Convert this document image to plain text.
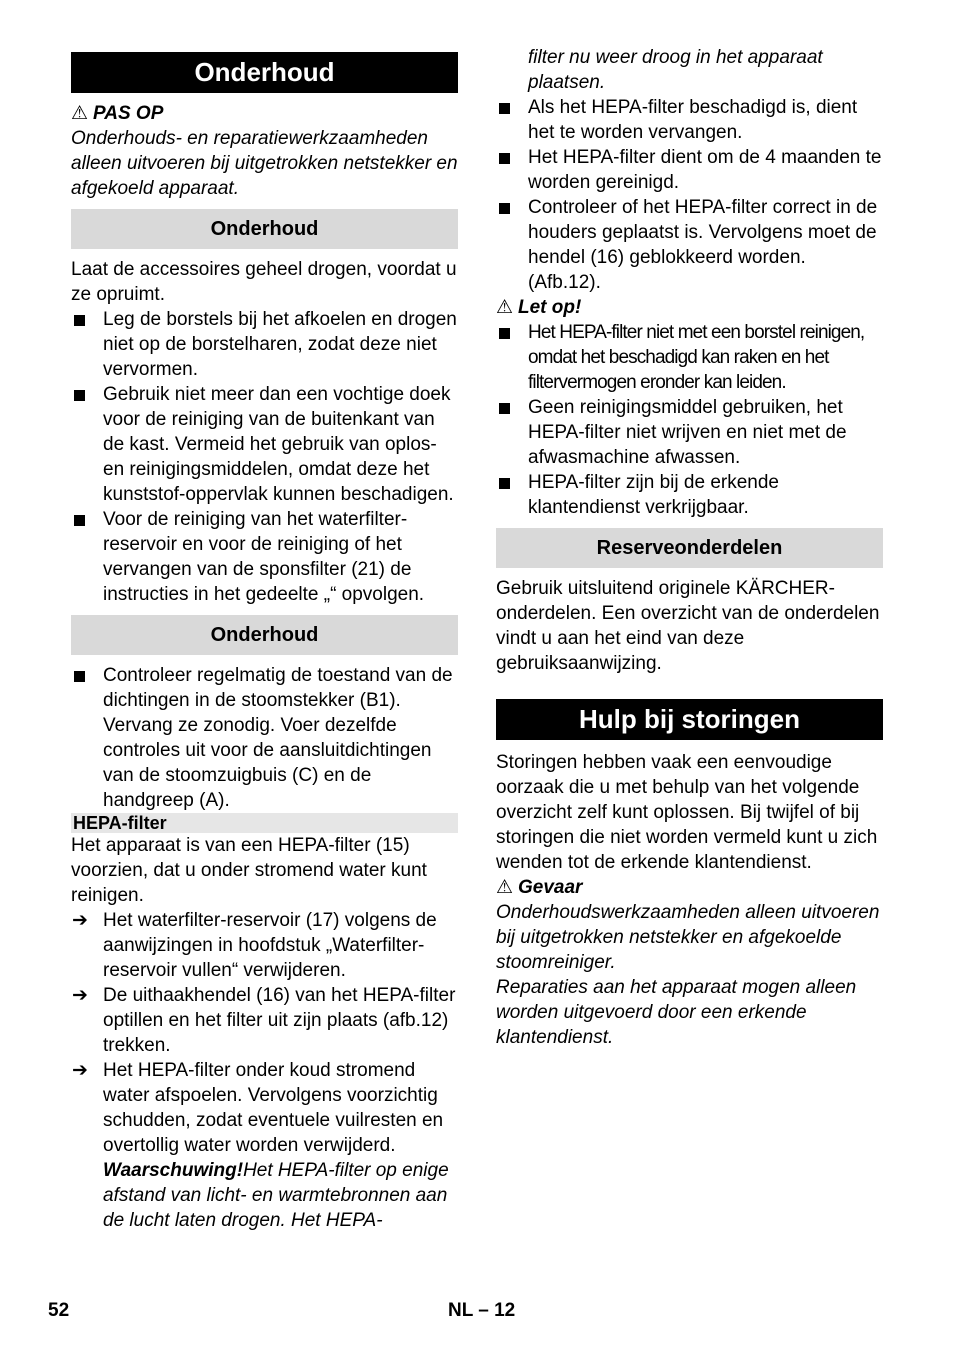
Onderhoud

⚠ PAS OP

Onderhouds- en reparatiewerkzaamheden alleen uitvoeren bij uitgetrokken netstekker en afgekoeld apparaat.

Onderhoud

Laat de accessoires geheel drogen, voordat u ze opruimt.

Leg de borstels bij het afkoelen en drogen niet op de borstelharen, zodat deze niet vervormen.
Gebruik niet meer dan een vochtige doek voor de reiniging van de buitenkant van de kast. Vermeid het gebruik van oplos- en reinigingsmiddelen, omdat deze het kunststof-oppervlak kunnen beschadigen.
Voor de reiniging van het waterfilter-reservoir en voor de reiniging of het vervangen van de sponsfilter (21) de instructies in het gedeelte „“ opvolgen.
Onderhoud
Controleer regelmatig de toestand van de dichtingen in de stoomstekker (B1). Vervang ze zonodig. Voer dezelfde controles uit voor de aansluitdichtingen van de stoomzuigbuis (C) en de handgreep (A).
HEPA-filter

Het apparaat is van een HEPA-filter (15) voorzien, dat u onder stromend water kunt reinigen.

➔ Het waterfilter-reservoir (17) volgens de aanwijzingen in hoofdstuk „Waterfilter-reservoir vullen“ verwijderen.
➔ De uithaakhendel (16) van het HEPA-filter optillen en het filter uit zijn plaats (afb.12) trekken.
➔ Het HEPA-filter onder koud stromend water afspoelen. Vervolgens voorzichtig schudden, zodat eventuele vuilresten en overtollig water worden verwijderd.

Waarschuwing!Het HEPA-filter op enige afstand van licht- en warmtebronnen aan de lucht laten drogen. Het HEPA-

filter nu weer droog in het apparaat plaatsen.

Als het HEPA-filter beschadigd is, dient het te worden vervangen.
Het HEPA-filter dient om de 4 maanden te worden gereinigd.
Controleer of het HEPA-filter correct in de houders geplaatst is. Vervolgens moet de hendel (16) geblokkeerd worden. (Afb.12).

⚠ Let op!

Het HEPA-filter niet met een borstel reinigen, omdat het beschadigd kan raken en het filtervermogen eronder kan leiden.
Geen reinigingsmiddel gebruiken, het HEPA-filter niet wrijven en niet met de afwasmachine afwassen.
HEPA-filter zijn bij de erkende klantendienst verkrijgbaar.
Reserveonderdelen

Gebruik uitsluitend originele KÄRCHER-onderdelen. Een overzicht van de onderdelen vindt u aan het eind van deze gebruiksaanwijzing.

Hulp bij storingen

Storingen hebben vaak een eenvoudige oorzaak die u met behulp van het volgende overzicht zelf kunt oplossen. Bij twijfel of bij storingen die niet worden vermeld kunt u zich wenden tot de erkende klantendienst.

⚠ Gevaar

Onderhoudswerkzaamheden alleen uitvoeren bij uitgetrokken netstekker en afgekoelde stoomreiniger.

Reparaties aan het apparaat mogen alleen worden uitgevoerd door een erkende klantendienst.

52	NL – 12
